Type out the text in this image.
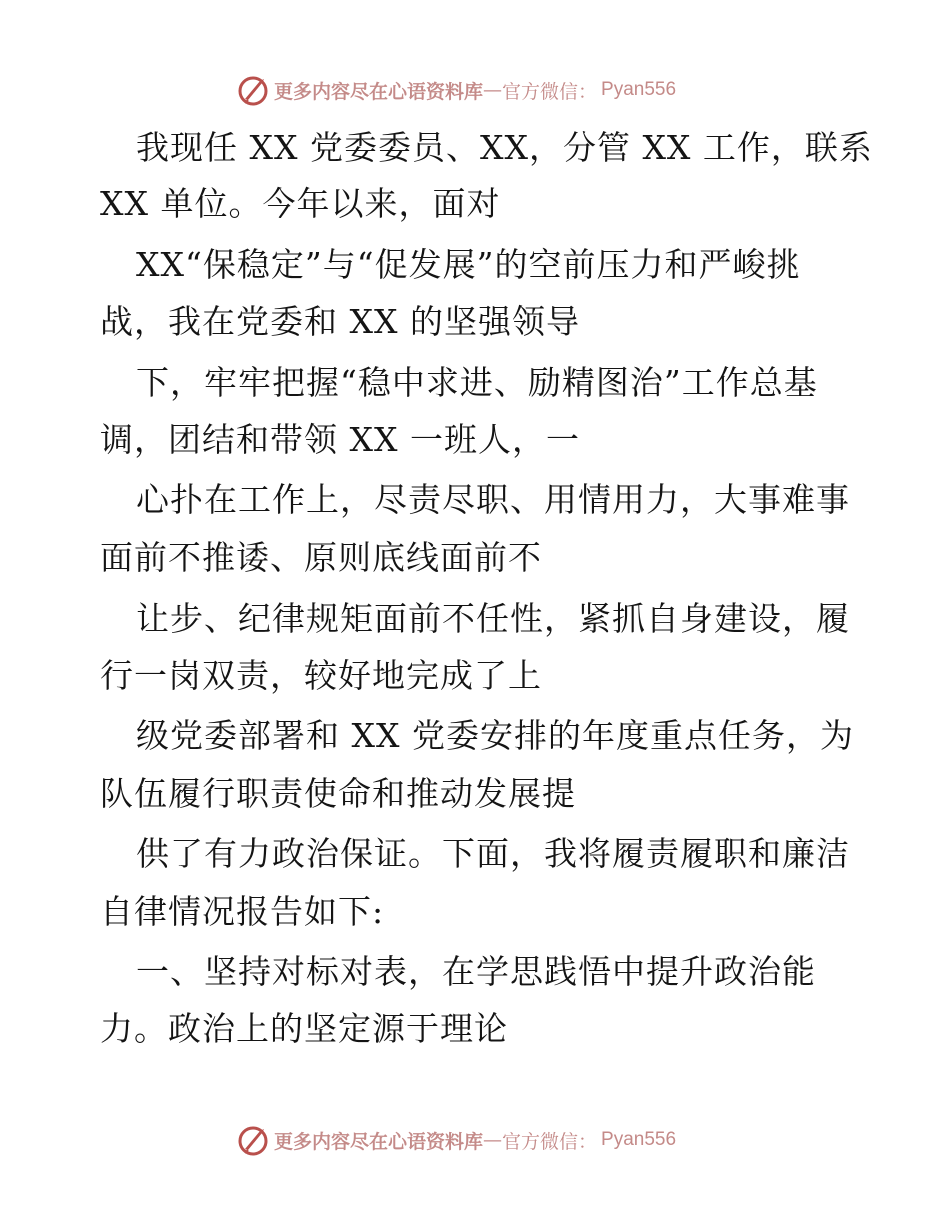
更多内容尽在心语资料库 — 官方微信： Pyan556
我现任 XX 党委委员、XX，分管 XX 工作，联系
XX 单位。今年以来，面对
XX“保稳定”与“促发展”的空前压力和严峻挑
战，我在党委和 XX 的坚强领导
下，牢牢把握“稳中求进、励精图治”工作总基
调，团结和带领 XX 一班人，一
心扑在工作上，尽责尽职、用情用力，大事难事
面前不推诿、原则底线面前不
让步、纪律规矩面前不任性，紧抓自身建设，履
行一岗双责，较好地完成了上
级党委部署和 XX 党委安排的年度重点任务，为
队伍履行职责使命和推动发展提
供了有力政治保证。下面，我将履责履职和廉洁
自律情况报告如下:
一、坚持对标对表，在学思践悟中提升政治能
力。政治上的坚定源于理论
更多内容尽在心语资料库 — 官方微信： Pyan556
